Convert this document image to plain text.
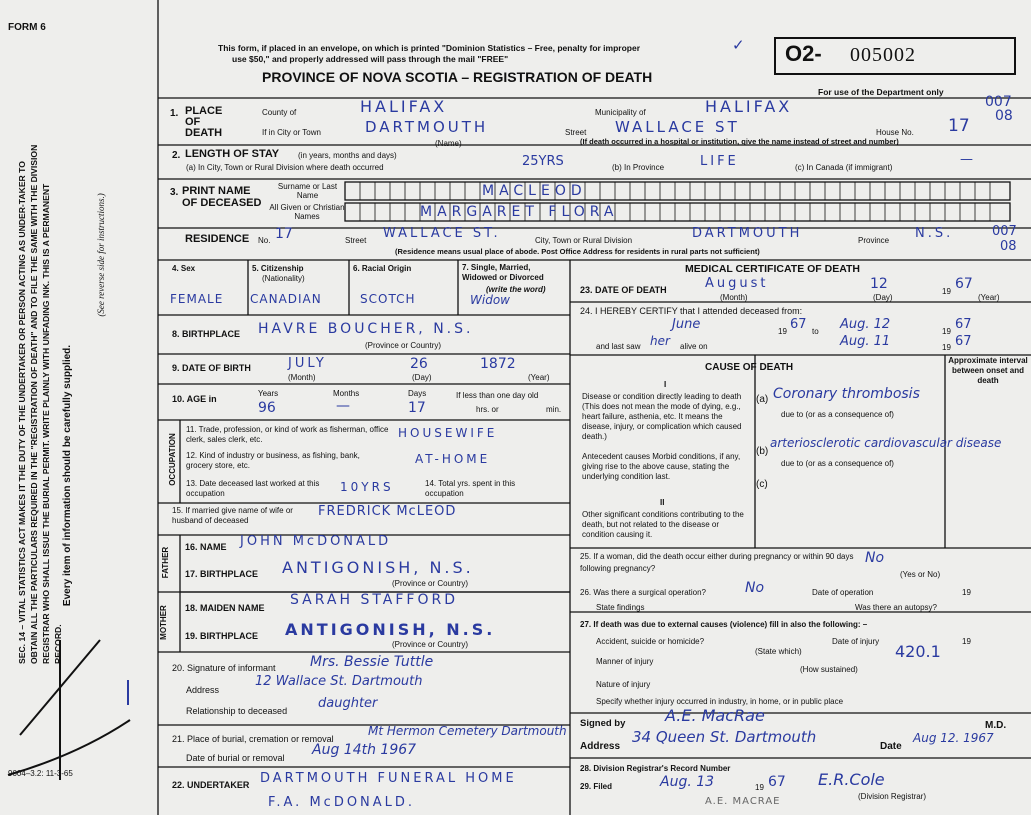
FORM 6
This form, if placed in an envelope, on which is printed "Dominion Statistics – Free, penalty for improper
use $50," and properly addressed will pass through the mail "FREE"
PROVINCE OF NOVA SCOTIA – REGISTRATION OF DEATH
O2- 005002
For use of the Department only
SEC. 14 – VITAL STATISTICS ACT MAKES IT THE DUTY OF THE UNDERTAKER OR PERSON ACTING AS UNDER-TAKER TO OBTAIN ALL THE PARTICULARS REQUIRED IN THE "REGISTRATION OF DEATH" AND TO FILE THE SAME WITH THE DIVISION REGISTRAR WHO SHALL ISSUE THE BURIAL PERMIT. WRITE PLAINLY WITH UNFADING INK. THIS IS A PERMANENT RECORD.
Every item of information should be carefully supplied.
(See reverse side for instructions.)
9004–3.2: 11-3-65
1. PLACE OF DEATH
County of	HALIFAX	Municipality of	HALIFAX
If in City or Town	DARTMOUTH
(Name)
Street WALLACE ST	House No. 17
(If death occurred in a hospital or institution, give the name instead of street and number)
007
08
2. LENGTH OF STAY (in years, months and days)
(a) In City, Town or Rural Division where death occurred	25YRS	(b) In Province	LIFE	(c) In Canada (if immigrant)
—
3. PRINT NAME OF DECEASED
Surname or Last Name	MACLEOD
All Given or Christian Names	MARGARET FLORA
RESIDENCE No. 17	Street WALLACE ST.	City, Town or Rural Division	DARTMOUTH	Province N.S.
(Residence means usual place of abode. Post Office Address for residents in rural parts not sufficient)
007
08
4. Sex
FEMALE
5. Citizenship
(Nationality)
CANADIAN
6. Racial Origin
SCOTCH
7. Single, Married, Widowed or Divorced
(write the word)
Widow
8. BIRTHPLACE HAVRE BOUCHER, N.S.
(Province or Country)
9. DATE OF BIRTH	JULY	26	1872
(Month)	(Day)	(Year)
10. AGE in
Years	Months	Days
96	—	17
If less than one day old
hrs. or	min.
OCCUPATION
11. Trade, profession, or kind of work as fisherman, office clerk, sales clerk, etc.	HOUSEWIFE
12. Kind of industry or business, as fishing, bank, grocery store, etc.	AT-HOME
13. Date deceased last worked at this occupation	10YRS	14. Total yrs. spent in this occupation
15. If married give name of wife or husband of deceased
FREDRICK McLEOD
FATHER 16. NAME JOHN McDONALD
17. BIRTHPLACE ANTIGONISH, N.S.
(Province or Country)
MOTHER 18. MAIDEN NAME SARAH STAFFORD
19. BIRTHPLACE ANTIGONISH, N.S.
(Province or Country)
20. Signature of informant Mrs. Bessie Tuttle
Address
12 Wallace St. Dartmouth
Relationship to deceased daughter
21. Place of burial, cremation or removal
Mt Hermon Cemetery Dartmouth
Date of burial or removal Aug 14th 1967
22. UNDERTAKER DARTMOUTH FUNERAL HOME
F.A. McDONALD.
MEDICAL CERTIFICATE OF DEATH
23. DATE OF DEATH	August	12	19 67
(Month)	(Day)	(Year)
24. I HEREBY CERTIFY that I attended deceased from:
June	19 67 to Aug. 12	19 67
and last saw her alive on	Aug. 11	19 67
CAUSE OF DEATH
Approximate interval between onset and death
I
Disease or condition directly leading to death (This does not mean the mode of dying, e.g., heart failure, asthenia, etc. It means the disease, injury, or complication which caused death.)
(a) Coronary thrombosis
due to (or as a consequence of)
Antecedent causes Morbid conditions, if any, giving rise to the above cause, stating the underlying condition last.
(b)
arteriosclerotic cardiovascular disease
due to (or as a consequence of)
(c)
II
Other significant conditions contributing to the death, but not related to the disease or condition causing it.
25. If a woman, did the death occur either during pregnancy or within 90 days following pregnancy?
No
(Yes or No)
26. Was there a surgical operation?	No	Date of operation	19
State findings	Was there an autopsy?
27. If death was due to external causes (violence) fill in also the following: –
Accident, suicide or homicide?	Date of injury	19
(State which)	420.1
Manner of injury
(How sustained)
Nature of injury
Specify whether injury occurred in industry, in home, or in public place
Signed by A.E. MacRae
M.D.
Address
34 Queen St. Dartmouth
Date
Aug 12. 1967
28. Division Registrar's Record Number
29. Filed	Aug. 13	19 67 E.R.Cole
(Division Registrar)
A.E. MACRAE
✓
